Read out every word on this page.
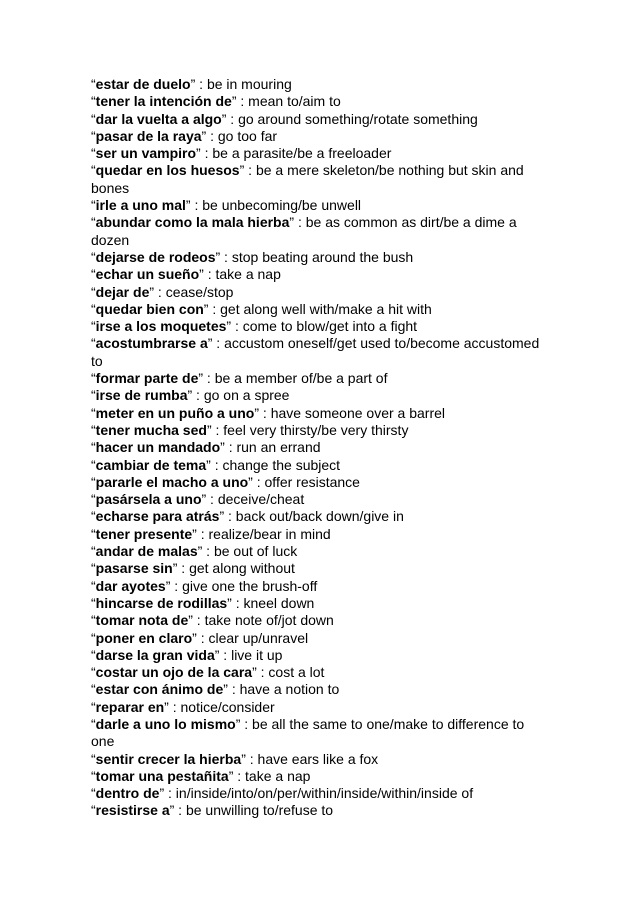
“estar de duelo” : be in mouring

“tener la intención de” : mean to/aim to

“dar la vuelta a algo” : go around something/rotate something

“pasar de la raya” : go too far

“ser un vampiro” : be a parasite/be a freeloader

“quedar en los huesos” : be a mere skeleton/be nothing but skin and bones

“irle a uno mal” : be unbecoming/be unwell

“abundar como la mala hierba” : be as common as dirt/be a dime a dozen

“dejarse de rodeos” : stop beating around the bush

“echar un sueño” : take a nap

“dejar de” : cease/stop

“quedar bien con” : get along well with/make a hit with

“irse a los moquetes” : come to blow/get into a fight

“acostumbrarse a” : accustom oneself/get used to/become accustomed to

“formar parte de” : be a member of/be a part of

“irse de rumba” : go on a spree

“meter en un puño a uno” : have someone over a barrel

“tener mucha sed” : feel very thirsty/be very thirsty

“hacer un mandado” : run an errand

“cambiar de tema” : change the subject

“pararle el macho a uno” : offer resistance

“pasársela a uno” : deceive/cheat

“echarse para atrás” : back out/back down/give in

“tener presente” : realize/bear in mind

“andar de malas” : be out of luck

“pasarse sin” : get along without

“dar ayotes” : give one the brush-off

“hincarse de rodillas” : kneel down

“tomar nota de” : take note of/jot down

“poner en claro” : clear up/unravel

“darse la gran vida” : live it up

“costar un ojo de la cara” : cost a lot

“estar con ánimo de” : have a notion to

“reparar en” : notice/consider

“darle a uno lo mismo” : be all the same to one/make to difference to one

“sentir crecer la hierba” : have ears like a fox

“tomar una pestañita” : take a nap

“dentro de” : in/inside/into/on/per/within/inside/within/inside of

“resistirse a” : be unwilling to/refuse to
